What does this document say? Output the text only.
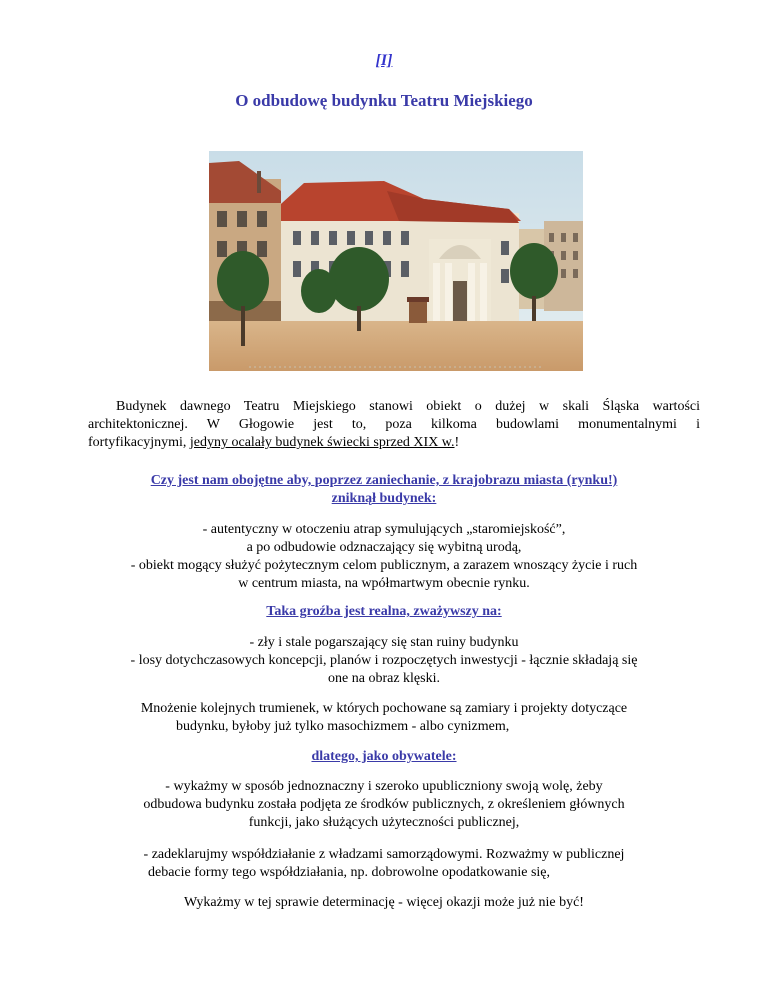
[I]
O odbudowę budynku Teatru Miejskiego
Budynek dawnego Teatru Miejskiego stanowi obiekt o dużej w skali Śląska wartości
architektonicznej. W Głogowie jest to, poza kilkoma budowlami monumentalnymi i
fortyfikacyjnymi, jedyny ocalały budynek świecki sprzed XIX w.!
Czy jest nam obojętne aby, poprzez zaniechanie, z krajobrazu miasta (rynku!)
zniknął budynek:
- autentyczny w otoczeniu atrap symulujących „staromiejskość”,
a po odbudowie odznaczający się wybitną urodą,
- obiekt mogący służyć pożytecznym celom publicznym, a zarazem wnoszący życie i ruch
w centrum miasta, na wpółmartwym obecnie rynku.
Taka groźba jest realna, zważywszy na:
- zły i stale pogarszający się stan ruiny budynku
- losy dotychczasowych koncepcji, planów i rozpoczętych inwestycji - łącznie składają się
one na obraz klęski.
Mnożenie kolejnych trumienek, w których pochowane są zamiary i projekty dotyczące
budynku, byłoby już tylko masochizmem - albo cynizmem,
dlatego, jako obywatele:
- wykażmy w sposób jednoznaczny i szeroko upubliczniony swoją wolę, żeby
odbudowa budynku została podjęta ze środków publicznych, z określeniem głównych
funkcji, jako służących użyteczności publicznej,
- zadeklarujmy współdziałanie z władzami samorządowymi. Rozważmy w publicznej
debacie formy tego współdziałania, np. dobrowolne opodatkowanie się,
Wykażmy w tej sprawie determinację - więcej okazji może już nie być!
